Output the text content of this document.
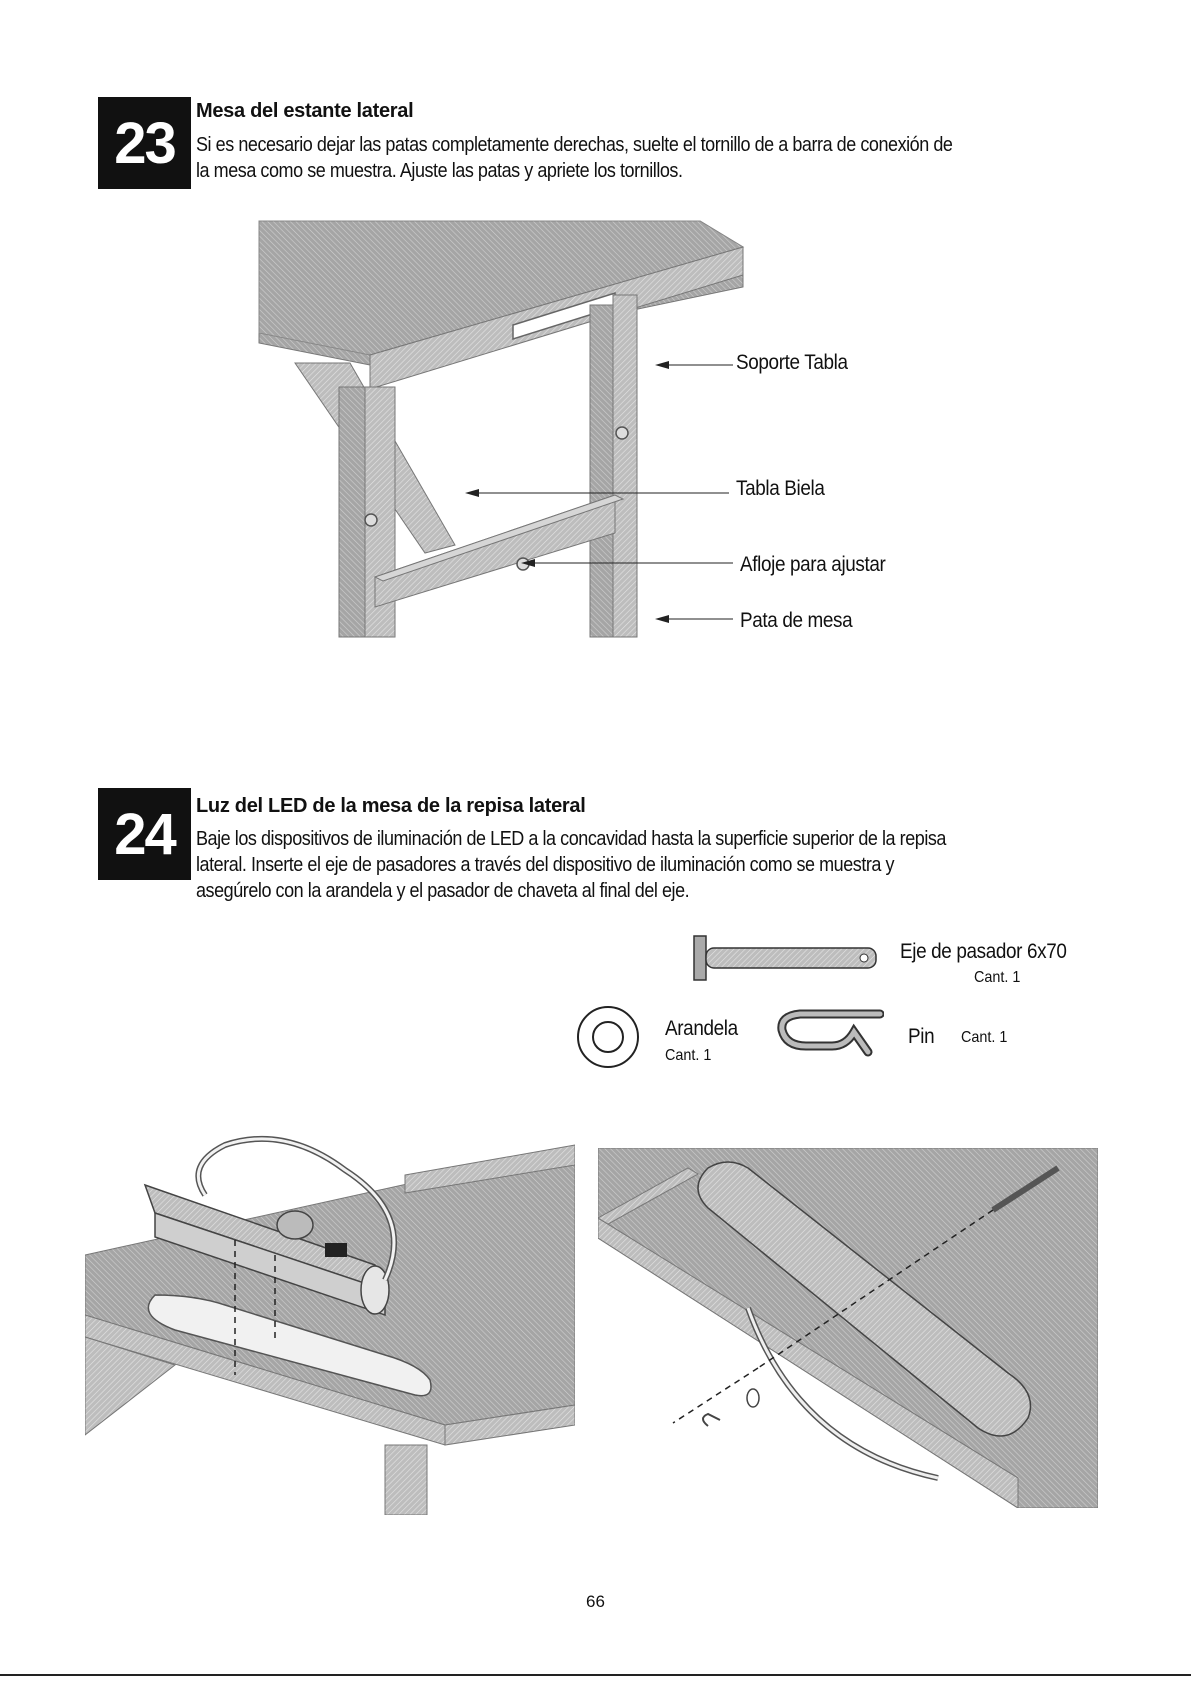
23	Mesa del estante lateral
Si es necesario dejar las patas completamente derechas, suelte el tornillo de a barra de conexión de
la mesa como se muestra. Ajuste las patas y apriete los tornillos.
Soporte Tabla
Tabla Biela
Afloje para ajustar
Pata de mesa
24	Luz del LED de la mesa de la repisa lateral
Baje los dispositivos de iluminación de LED a la concavidad hasta la superficie superior de la repisa
lateral. Inserte el eje de pasadores a través del dispositivo de iluminación como se muestra y
asegúrelo con la arandela y el pasador de chaveta al final del eje.
Eje de pasador 6x70
Cant. 1
Arandela
Cant. 1
Pin Cant. 1
66
